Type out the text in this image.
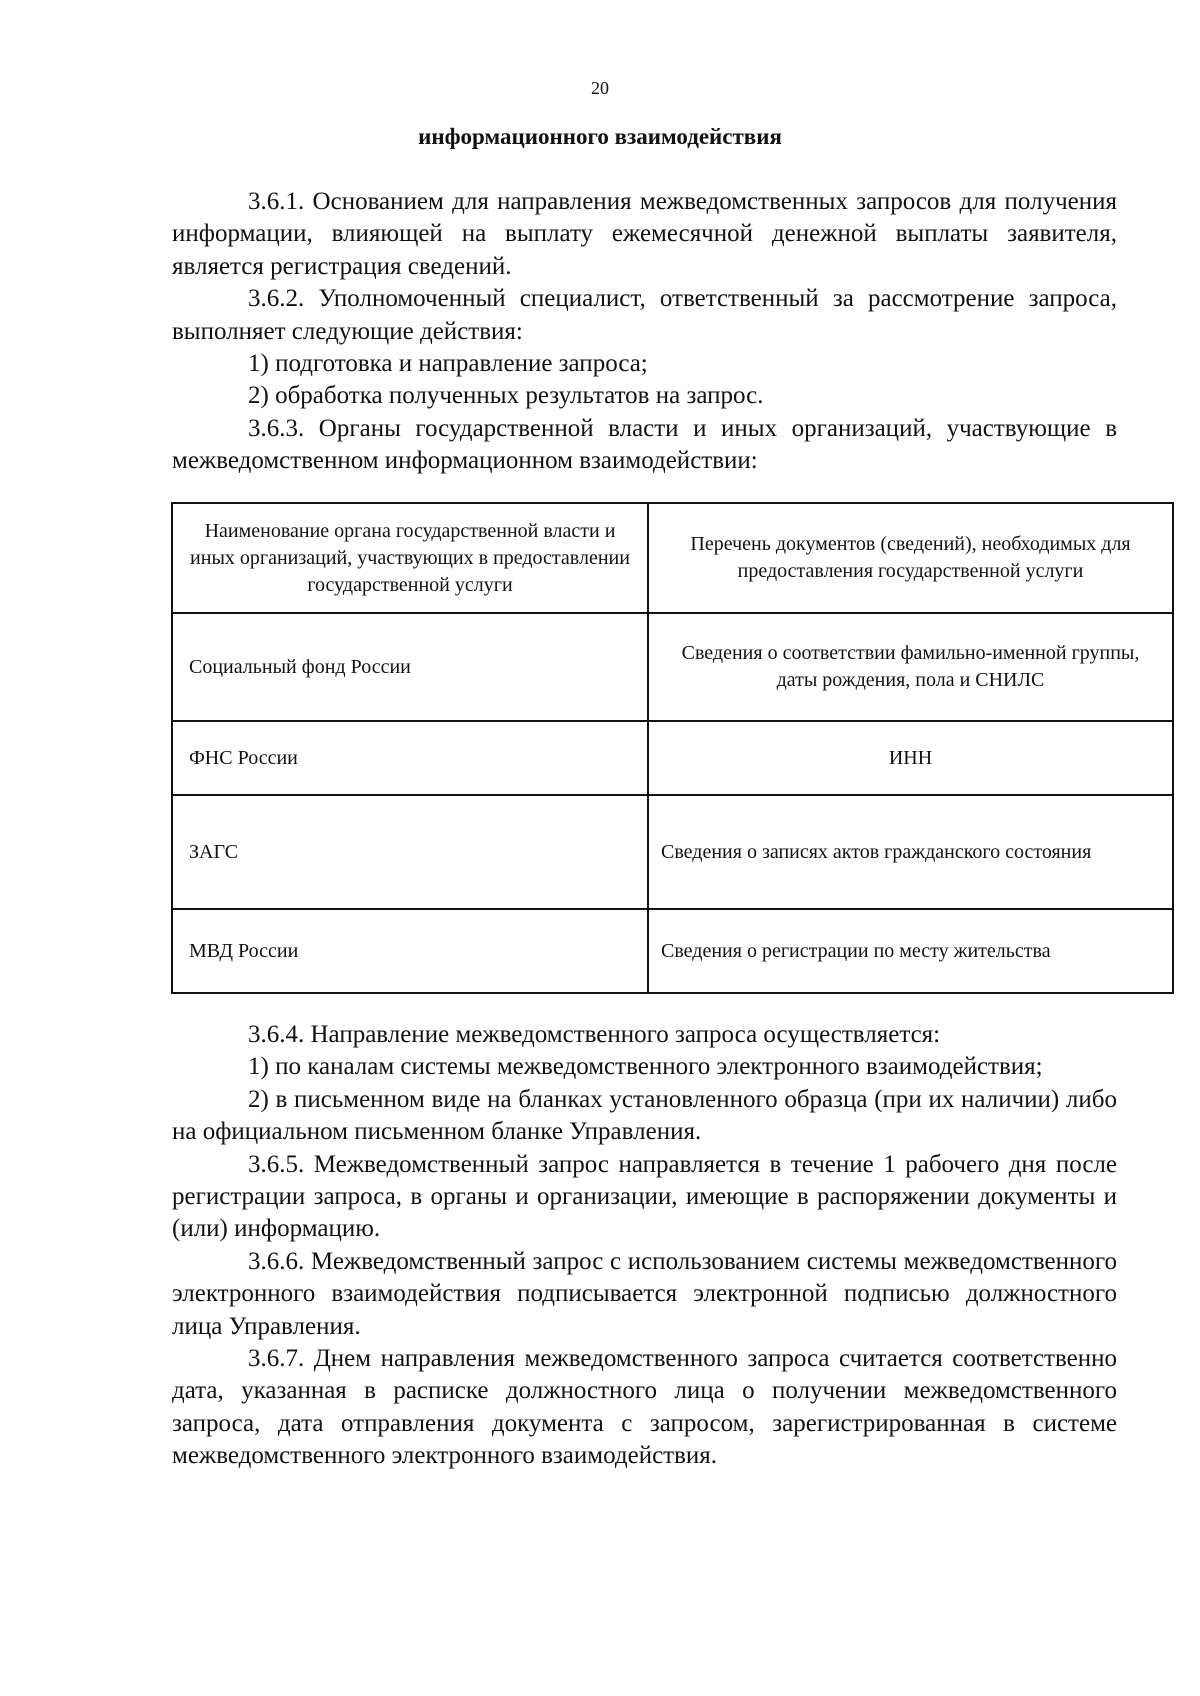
20
информационного взаимодействия

3.6.1. Основанием для направления межведомственных запросов для получения информации, влияющей на выплату ежемесячной денежной выплаты заявителя, является регистрация сведений.

3.6.2. Уполномоченный специалист, ответственный за рассмотрение запроса, выполняет следующие действия:

1) подготовка и направление запроса;

2) обработка полученных результатов на запрос.

3.6.3. Органы государственной власти и иных организаций, участвующие в межведомственном информационном взаимодействии:

Наименование органа государственной власти и иных организаций, участвующих в предоставлении государственной услуги	Перечень документов (сведений), необходимых для предоставления государственной услуги
Социальный фонд России	Сведения о соответствии фамильно-именной группы, даты рождения, пола и СНИЛС
ФНС России	ИНН
ЗАГС	Сведения о записях актов гражданского состояния
МВД России	Сведения о регистрации по месту жительства

3.6.4. Направление межведомственного запроса осуществляется:

1) по каналам системы межведомственного электронного взаимодействия;

2) в письменном виде на бланках установленного образца (при их наличии) либо на официальном письменном бланке Управления.

3.6.5. Межведомственный запрос направляется в течение 1 рабочего дня после регистрации запроса, в органы и организации, имеющие в распоряжении документы и (или) информацию.

3.6.6. Межведомственный запрос с использованием системы межведомственного электронного взаимодействия подписывается электронной подписью должностного лица Управления.

3.6.7. Днем направления межведомственного запроса считается соответственно дата, указанная в расписке должностного лица о получении межведомственного запроса, дата отправления документа с запросом, зарегистрированная в системе межведомственного электронного взаимодействия.
